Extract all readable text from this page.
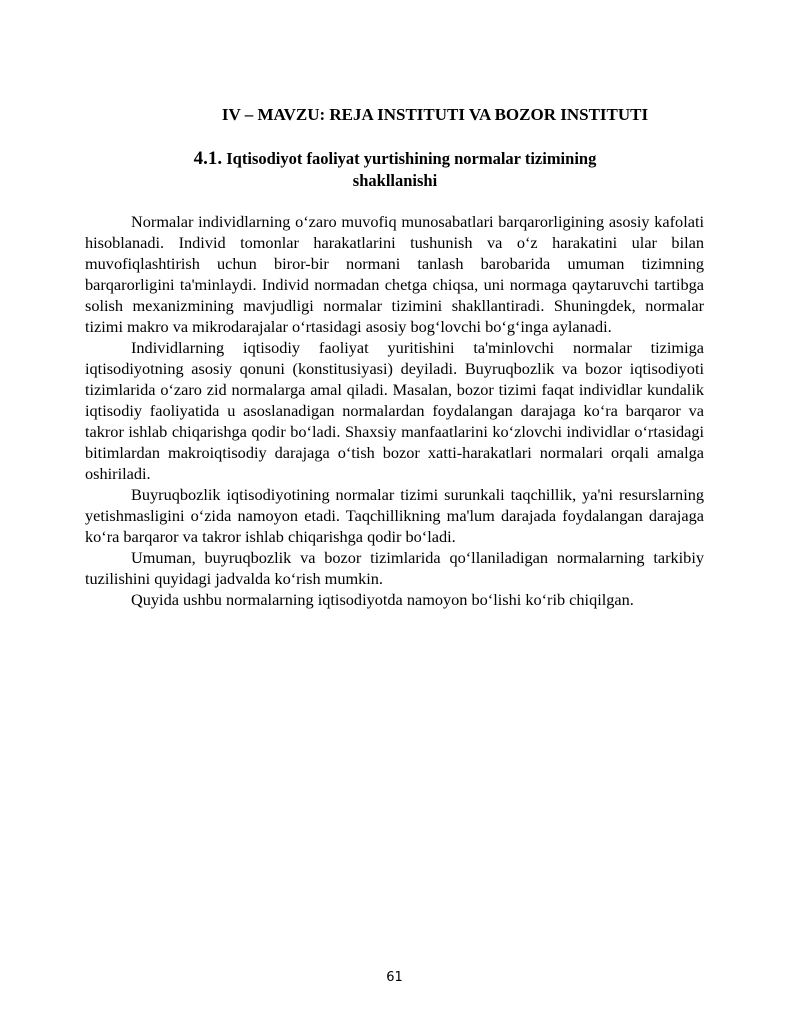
IV – MAVZU: REJA INSTITUTI VA BOZOR INSTITUTI
4.1. Iqtisodiyot faoliyat yurtishining normalar tizimining
shakllanishi

Normalar individlarning o‘zaro muvofiq munosabatlari barqarorligining asosiy kafolati hisoblanadi. Individ tomonlar harakatlarini tushunish va o‘z harakatini ular bilan muvofiqlashtirish uchun biror-bir normani tanlash barobarida umuman tizimning barqarorligini ta'minlaydi. Individ normadan chetga chiqsa, uni normaga qaytaruvchi tartibga solish mexanizmining mavjudligi normalar tizimini shakllantiradi. Shuningdek, normalar tizimi makro va mikrodarajalar o‘rtasidagi asosiy bog‘lovchi bo‘g‘inga aylanadi.

Individlarning iqtisodiy faoliyat yuritishini ta'minlovchi normalar tizimiga iqtisodiyotning asosiy qonuni (konstitusiyasi) deyiladi. Buyruqbozlik va bozor iqtisodiyoti tizimlarida o‘zaro zid normalarga amal qiladi. Masalan, bozor tizimi faqat individlar kundalik iqtisodiy faoliyatida u asoslanadigan normalardan foydalangan darajaga ko‘ra barqaror va takror ishlab chiqarishga qodir bo‘ladi. Shaxsiy manfaatlarini ko‘zlovchi individlar o‘rtasidagi bitimlardan makroiqtisodiy darajaga o‘tish bozor xatti-harakatlari normalari orqali amalga oshiriladi.

Buyruqbozlik iqtisodiyotining normalar tizimi surunkali taqchillik, ya'ni resurslarning yetishmasligini o‘zida namoyon etadi. Taqchillikning ma'lum darajada foydalangan darajaga ko‘ra barqaror va takror ishlab chiqarishga qodir bo‘ladi.

Umuman, buyruqbozlik va bozor tizimlarida qo‘llaniladigan normalarning tarkibiy tuzilishini quyidagi jadvalda ko‘rish mumkin.

Quyida ushbu normalarning iqtisodiyotda namoyon bo‘lishi ko‘rib chiqilgan.

61
